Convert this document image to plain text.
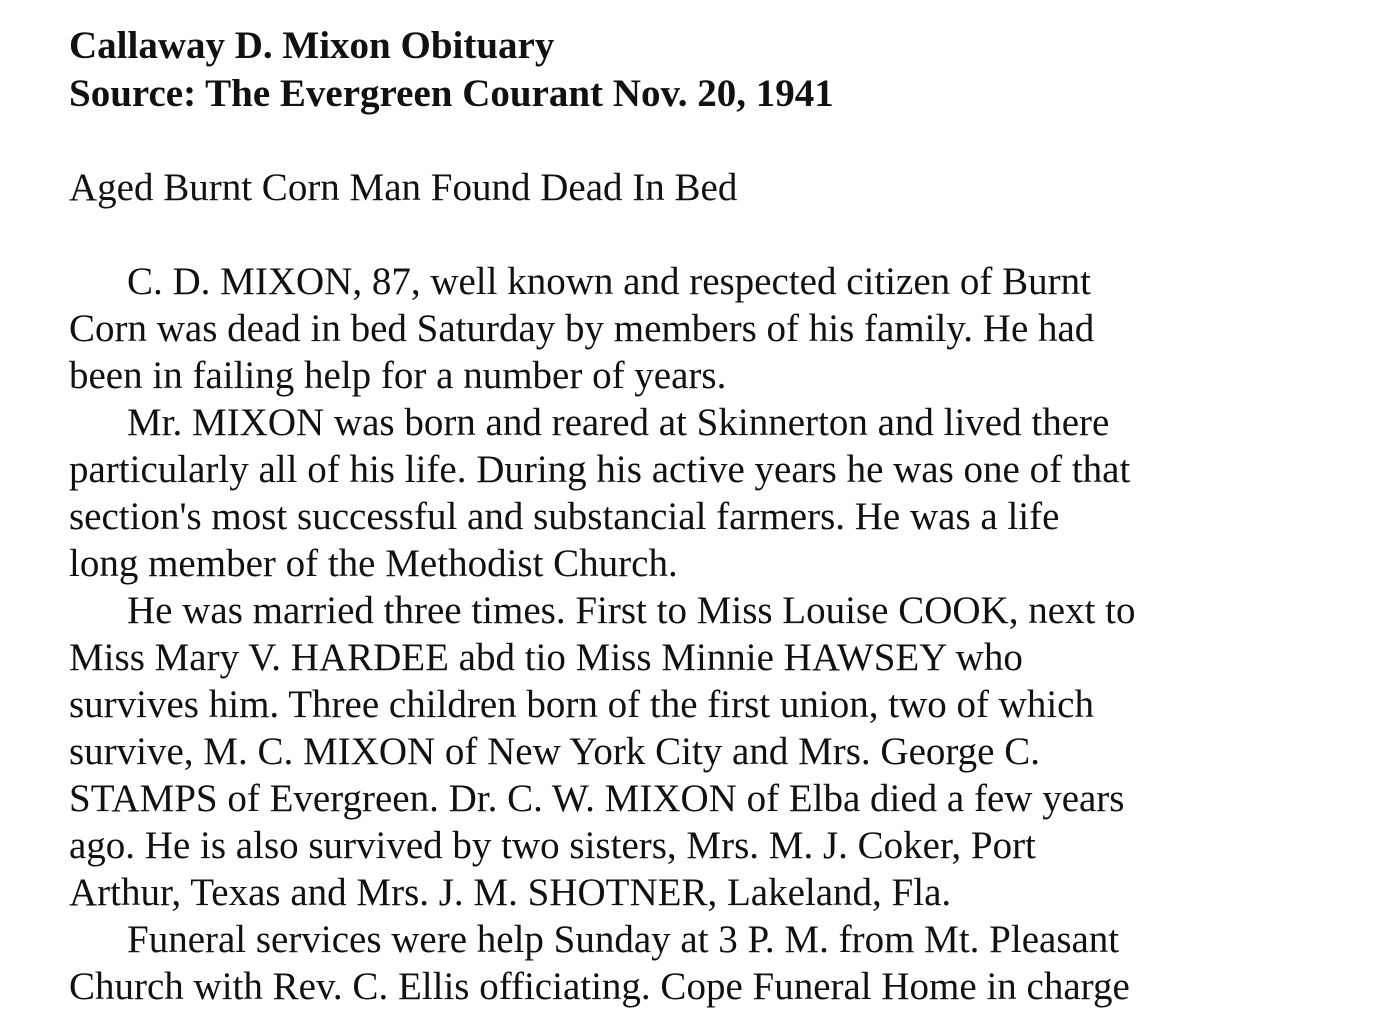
Callaway D. Mixon Obituary
Source: The Evergreen Courant Nov. 20, 1941
Aged Burnt Corn Man Found Dead In Bed
C. D. MIXON, 87, well known and respected citizen of Burnt
Corn was dead in bed Saturday by members of his family. He had
been in failing help for a number of years.
Mr. MIXON was born and reared at Skinnerton and lived there
particularly all of his life. During his active years he was one of that
section's most successful and substancial farmers. He was a life
long member of the Methodist Church.
He was married three times. First to Miss Louise COOK, next to
Miss Mary V. HARDEE abd tio Miss Minnie HAWSEY who
survives him. Three children born of the first union, two of which
survive, M. C. MIXON of New York City and Mrs. George C.
STAMPS of Evergreen. Dr. C. W. MIXON of Elba died a few years
ago. He is also survived by two sisters, Mrs. M. J. Coker, Port
Arthur, Texas and Mrs. J. M. SHOTNER, Lakeland, Fla.
Funeral services were help Sunday at 3 P. M. from Mt. Pleasant
Church with Rev. C. Ellis officiating. Cope Funeral Home in charge
